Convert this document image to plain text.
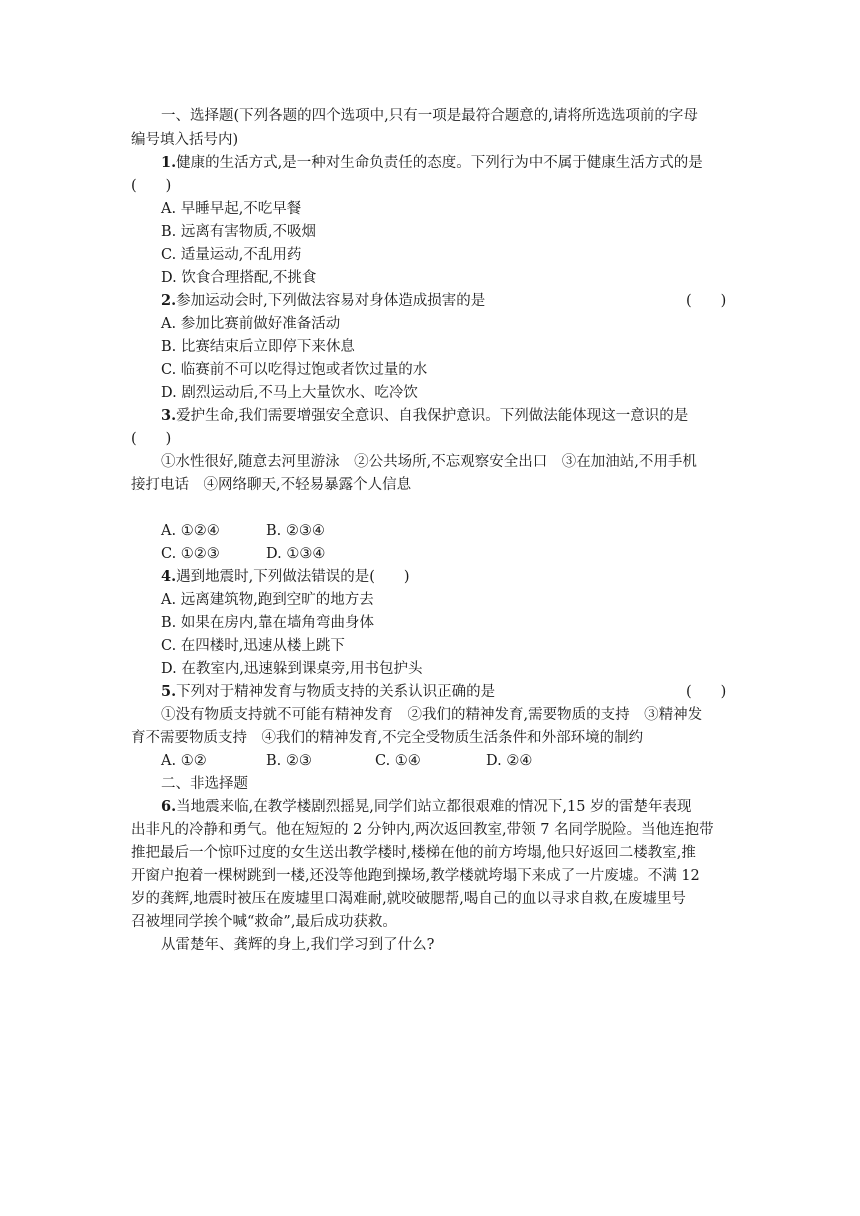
一、选择题(下列各题的四个选项中,只有一项是最符合题意的,请将所选选项前的字母
编号填入括号内)
1.健康的生活方式,是一种对生命负责任的态度。下列行为中不属于健康生活方式的是
(　　)
A. 早睡早起,不吃早餐
B. 远离有害物质,不吸烟
C. 适量运动,不乱用药
D. 饮食合理搭配,不挑食
2.参加运动会时,下列做法容易对身体造成损害的是	(　　)
A. 参加比赛前做好准备活动
B. 比赛结束后立即停下来休息
C. 临赛前不可以吃得过饱或者饮过量的水
D. 剧烈运动后,不马上大量饮水、吃冷饮
3.爱护生命,我们需要增强安全意识、自我保护意识。下列做法能体现这一意识的是
(　　)
①水性很好,随意去河里游泳　②公共场所,不忘观察安全出口　③在加油站,不用手机
接打电话　④网络聊天,不轻易暴露个人信息
A. ①②④	B. ②③④
C. ①②③	D. ①③④
4.遇到地震时,下列做法错误的是(　　)
A. 远离建筑物,跑到空旷的地方去
B. 如果在房内,靠在墙角弯曲身体
C. 在四楼时,迅速从楼上跳下
D. 在教室内,迅速躲到课桌旁,用书包护头
5.下列对于精神发育与物质支持的关系认识正确的是	(　　)
①没有物质支持就不可能有精神发育　②我们的精神发育,需要物质的支持　③精神发
育不需要物质支持　④我们的精神发育,不完全受物质生活条件和外部环境的制约
A. ①②	B. ②③	C. ①④	D. ②④
二、非选择题
6.当地震来临,在教学楼剧烈摇晃,同学们站立都很艰难的情况下,15 岁的雷楚年表现
出非凡的冷静和勇气。他在短短的 2 分钟内,两次返回教室,带领 7 名同学脱险。当他连抱带
推把最后一个惊吓过度的女生送出教学楼时,楼梯在他的前方垮塌,他只好返回二楼教室,推
开窗户抱着一棵树跳到一楼,还没等他跑到操场,教学楼就垮塌下来成了一片废墟。不满 12
岁的龚辉,地震时被压在废墟里口渴难耐,就咬破腮帮,喝自己的血以寻求自救,在废墟里号
召被埋同学挨个喊“救命”,最后成功获救。
从雷楚年、龚辉的身上,我们学习到了什么?
